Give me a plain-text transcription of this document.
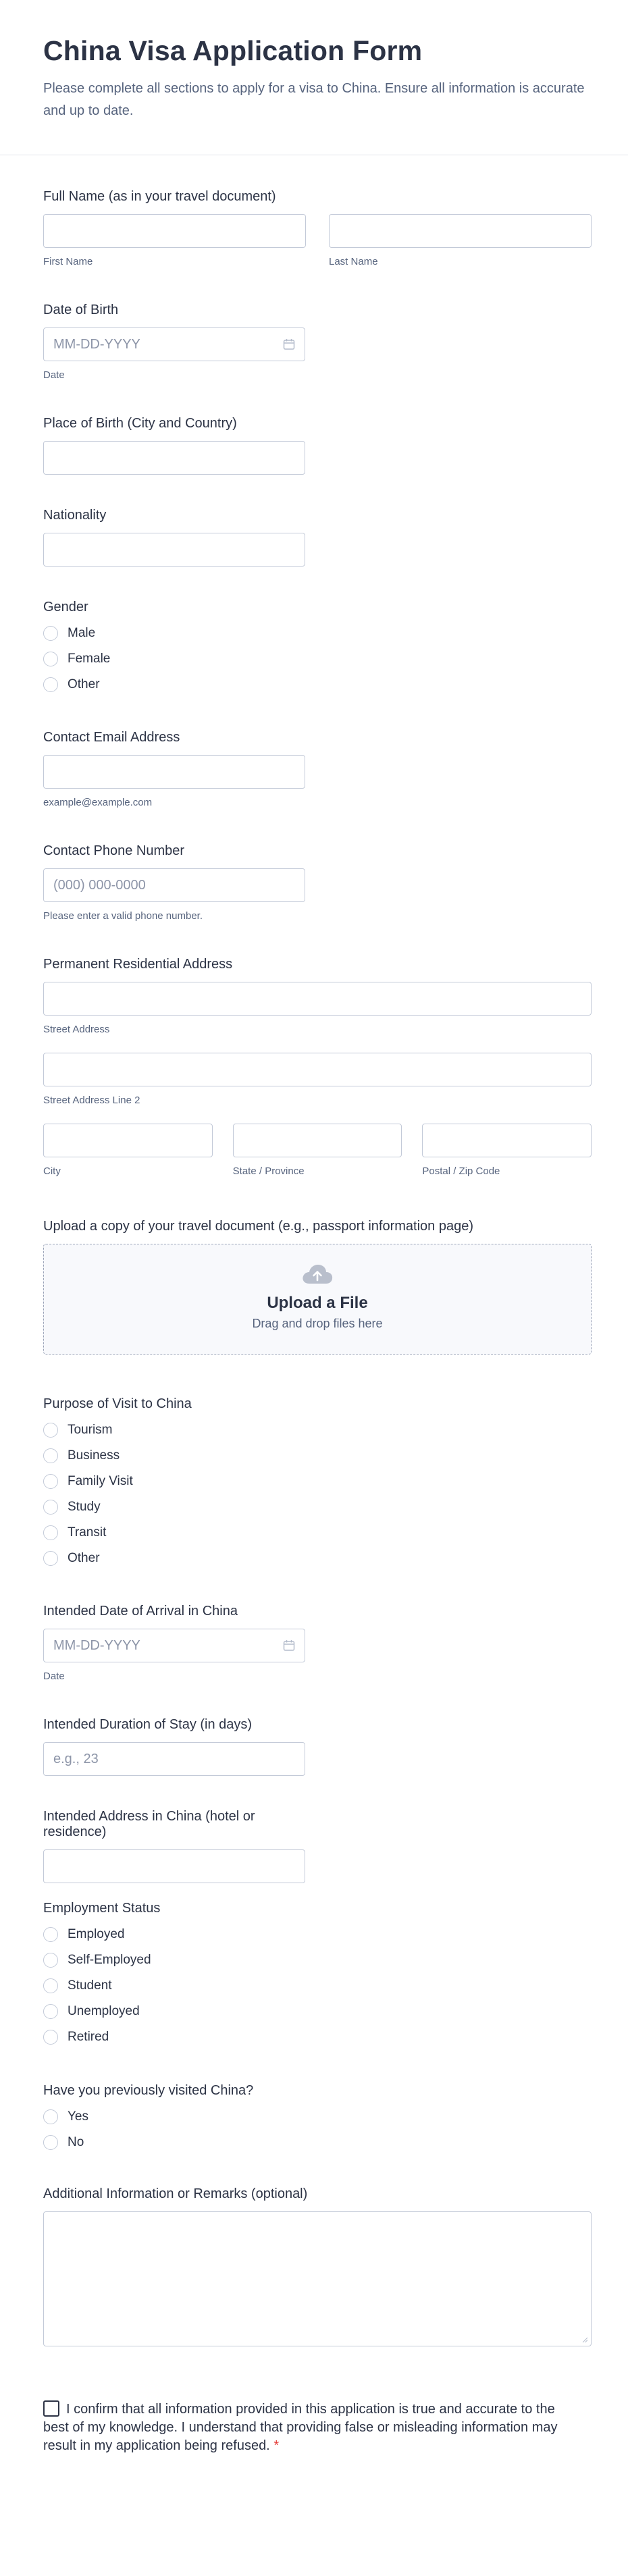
China Visa Application Form

Please complete all sections to apply for a visa to China. Ensure all information is accurate and up to date.

Full Name (as in your travel document)
First Name	Last Name
Date of Birth
MM-DD-YYYY
Date
Place of Birth (City and Country)
Nationality
Gender
Male
Female
Other
Contact Email Address
example@example.com
Contact Phone Number
(000) 000-0000
Please enter a valid phone number.
Permanent Residential Address
Street Address
Street Address Line 2
City	State / Province	Postal / Zip Code
Upload a copy of your travel document (e.g., passport information page)
Upload a File
Drag and drop files here
Purpose of Visit to China
Tourism
Business
Family Visit
Study
Transit
Other
Intended Date of Arrival in China
MM-DD-YYYY
Date
Intended Duration of Stay (in days)
e.g., 23
Intended Address in China (hotel or residence)
Employment Status
Employed
Self-Employed
Student
Unemployed
Retired
Have you previously visited China?
Yes
No
Additional Information or Remarks (optional)
I confirm that all information provided in this application is true and accurate to the best of my knowledge. I understand that providing false or misleading information may result in my application being refused. *
